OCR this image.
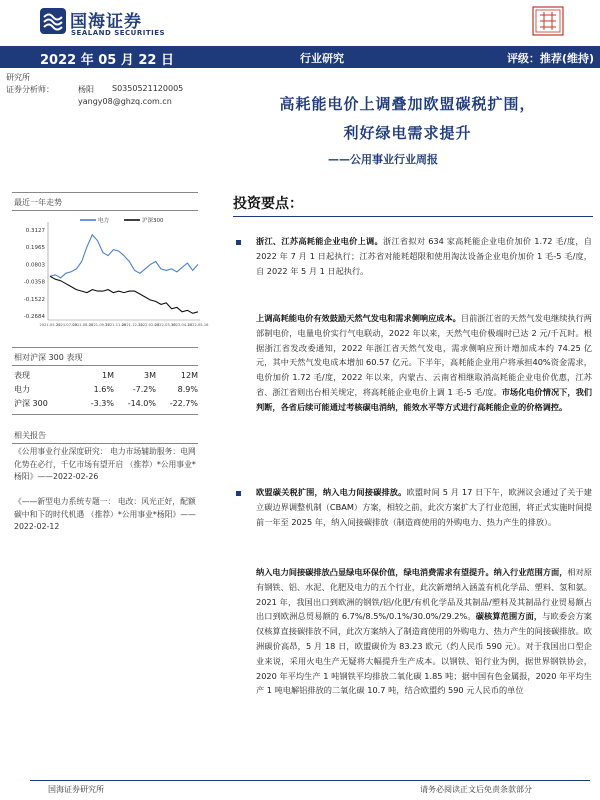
国海证券
SEALAND SECURITIES
2022 年 05 月 22 日	行业研究	评级：推荐(维持)
研究所
证券分析师：	杨阳 S0350521120005
yangy08@ghzq.com.cn	高耗能电价上调叠加欧盟碳税扩围，
利好绿电需求提升
——公用事业行业周报
最近一年走势
0.3127
0.1965
0.0803
-0.0358
-0.1522
-0.2684
2021-05-21
2021-07-03
2021-08-15
2021-09-27
2021-11-09
2021-12-22
2022-02-03
2022-03-18
2022-04-30
2022-05-16
电力	沪深300
相对沪深 300 表现
表现	1M	3M	12M
电力	1.6%	-7.2%	8.9%
沪深 300	-3.3%	-14.0%	-22.7%
相关报告
《公用事业行业深度研究： 电力市场辅助服务：电网化势在必行，千亿市场有望开启 （推荐）*公用事业*杨阳》——2022-02-26
《——新型电力系统专题一： 电改：风光正好，配额碳中和下的时代机遇 （推荐）*公用事业*杨阳》——2022-02-12
投资要点：
浙江、江苏高耗能企业电价上调。浙江省拟对 634 家高耗能企业电价加价 1.72 毛/度，自 2022 年 7 月 1 日起执行；江苏省对能耗超限和使用淘汰设备企业电价加价 1 毛-5 毛/度，自 2022 年 5 月 1 日起执行。
上调高耗能电价有效鼓励天然气发电和需求侧响应成本。目前浙江省的天然气发电继续执行两部制电价，电量电价实行气电联动，2022 年以来，天然气电价极端时已达 2 元/千瓦时。根据浙江省发改委通知，2022 年浙江省天然气发电，需求侧响应预计增加成本约 74.25 亿元，其中天然气发电成本增加 60.57 亿元。下半年，高耗能企业用户将承担40%资金需求，电价加价 1.72 毛/度，2022 年以来，内蒙古、云南省相继取消高耗能企业电价优惠，江苏省、浙江省则出台相关规定，将高耗能企业电价上调 1 毛-5 毛/度。市场化电价情况下，我们判断，各省后续可能通过考核碳电消纳，能效水平等方式进行高耗能企业的价格调控。
欧盟碳关税扩围，纳入电力间接碳排放。欧盟时间 5 月 17 日下午，欧洲议会通过了关于建立碳边界调整机制（CBAM）方案，相较之前，此次方案扩大了行业范围，将正式实施时间提前一年至 2025 年，纳入间接碳排放（制造商使用的外购电力、热力产生的排放）。
纳入电力间接碳排放凸显绿电环保价值，绿电消费需求有望提升。纳入行业范围方面，相对原有钢铁、铝、水泥、化肥及电力的五个行业，此次新增纳入涵盖有机化学品、塑料、氢和氨。2021 年，我国出口到欧洲的钢铁/铝/化肥/有机化学品及其制品/塑料及其制品行业贸易额占出口到欧洲总贸易额的 6.7%/8.5%/0.1%/30.0%/29.2%。碳核算范围方面，与欧委会方案仅核算直接碳排放不同，此次方案纳入了制造商使用的外购电力、热力产生的间接碳排放。欧洲碳价高昂，5 月 18 日，欧盟碳价为 83.23 欧元（约人民币 590 元）。对于我国出口型企业来说，采用火电生产无疑将大幅提升生产成本。以钢铁、铝行业为例，据世界钢铁协会，2020 年平均生产 1 吨钢铁平均排放二氧化碳 1.85 吨；据中国有色金属报，2020 年平均生产 1 吨电解铝排放的二氧化碳 10.7 吨，结合欧盟约 590 元人民币的单位
国海证券研究所	请务必阅读正文后免责条款部分
